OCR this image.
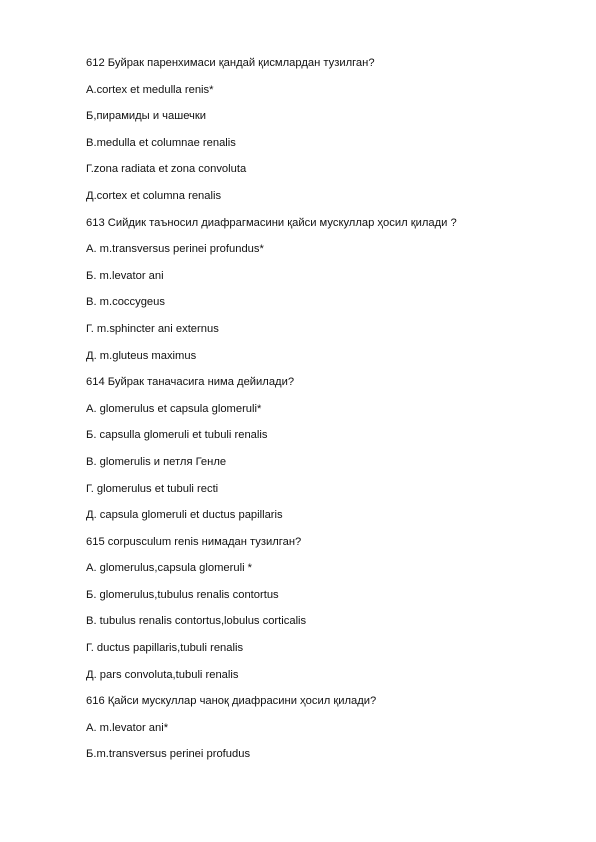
612 Буйрак паренхимаси қандай қисмлардан тузилган?
A.cortex et medulla renis*
Б,пирамиды и чашечки
В.medulla et columnae renalis
Г.zona radiata et zona convoluta
Д.cortex et columna renalis
613 Сийдик таъносил диафрагмасини қайси мускуллар ҳосил қилади ?
А. m.transversus perinei profundus*
Б. m.levator ani
В. m.coccygeus
Г. m.sphincter ani externus
Д. m.gluteus maximus
614 Буйрак таначасига нима дейилади?
А. glomerulus et capsula glomeruli*
Б. capsulla glomeruli et tubuli renalis
В. glomerulis и петля Генле
Г. glomerulus et tubuli recti
Д. capsula glomeruli et ductus papillaris
615 corpusculum renis нимадан тузилган?
А. glomerulus,capsula glomeruli *
Б. glomerulus,tubulus renalis contortus
В. tubulus renalis contortus,lobulus corticalis
Г. ductus papillaris,tubuli renalis
Д. pars convoluta,tubuli renalis
616 Қайси мускуллар чаноқ диафрасини ҳосил қилади?
А. m.levator ani*
Б.m.transversus perinei profudus
